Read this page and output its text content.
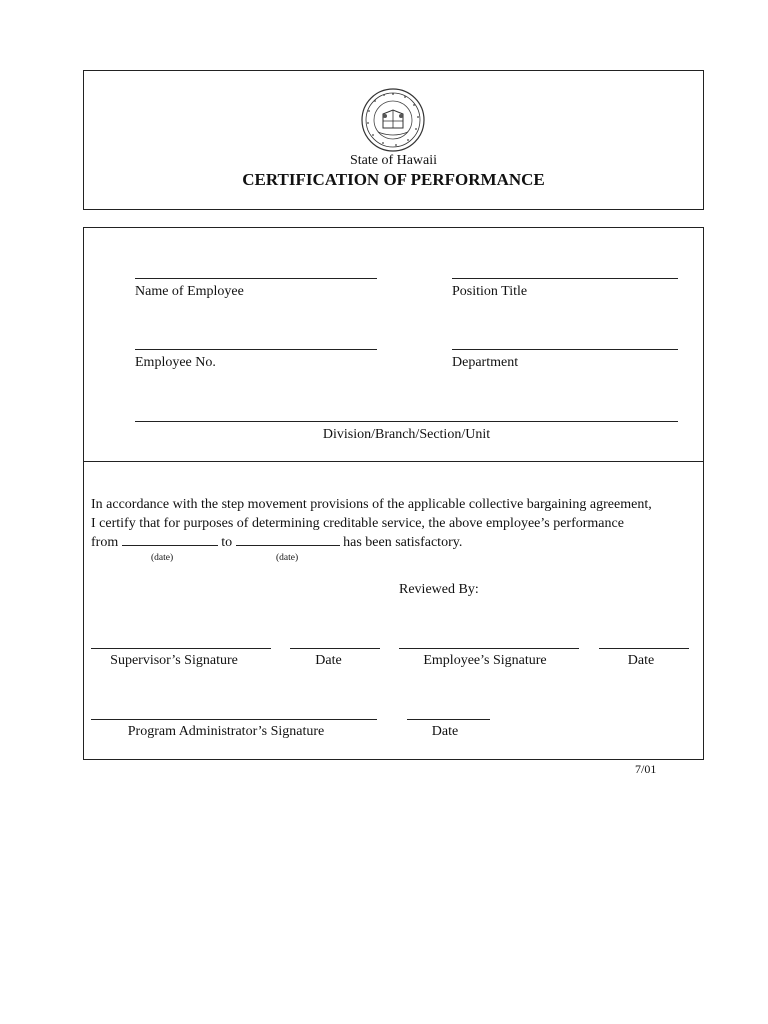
State of Hawaii
CERTIFICATION OF PERFORMANCE
Name of Employee	Position Title
Employee No.	Department
Division/Branch/Section/Unit
In accordance with the step movement provisions of the applicable collective bargaining agreement,
I certify that for purposes of determining creditable service, the above employee’s performance
from	to	has been satisfactory.
(date)	(date)
Reviewed By:
Supervisor’s Signature	Date	Employee’s Signature	Date
Program Administrator’s Signature	Date
7/01
